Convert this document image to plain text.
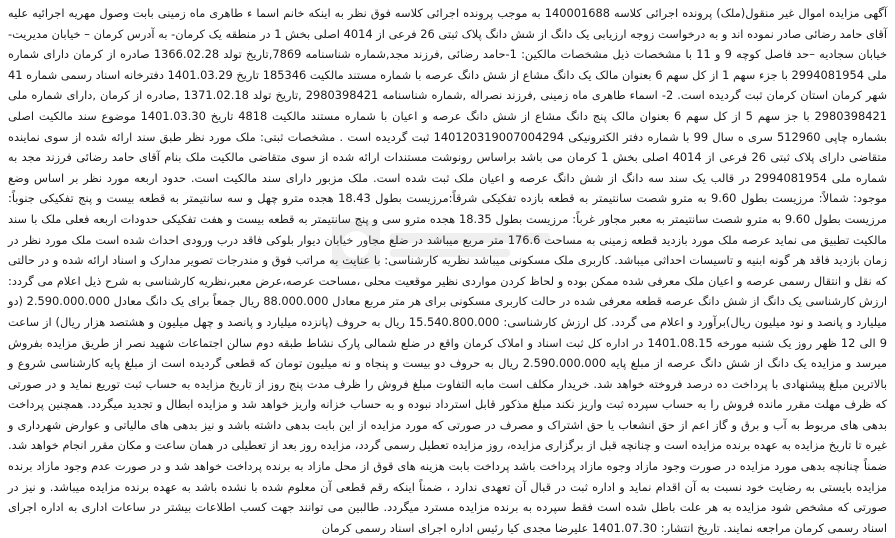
آگهی مزایده اموال غیر منقول(ملک) پرونده اجرائی کلاسه 140001688 به موجب پرونده اجرائی کلاسه فوق نظر به اینکه خانم اسما ء طاهری ماه زمینی بابت وصول مهریه اجرائیه علیه آقای حامد رضائی صادر نموده اند و به درخواست زوجه ارزیابی یک دانگ از شش دانگ پلاک ثبتی 26 فرعی از 4014 اصلی بخش 1 در منطقه یک کرمان- به آدرس کرمان – خیابان مدیریت- خیابان سجادیه –حد فاصل کوچه 9 و 11 با مشخصات ذیل مشخصات مالکین: 1-حامد رضائی ,فرزند مجد,شماره شناسنامه 7869,تاریخ تولد 1366.02.28 صادره از کرمان دارای شماره ملی 2994081954 با جزء سهم 1 از کل سهم 6 بعنوان مالک یک دانگ مشاع از شش دانگ عرصه با شماره مستند مالکیت 185346 تاریخ 1401.03.29 دفترخانه اسناد رسمی شماره 41 شهر کرمان استان کرمان ثبت گردیده است. 2- اسماء طاهری ماه زمینی ,فرزند نصراله ,شماره شناسنامه 2980398421 ,تاریخ تولد 1371.02.18 ,صادره از کرمان ,دارای شماره ملی 2980398421 با جز سهم 5 از کل سهم 6 بعنوان مالک پنج دانگ مشاع از شش دانگ عرصه و اعیان با شماره مستند مالکیت 4818 تاریخ 1401.03.30 موضوع سند مالکیت اصلی بشماره چاپی 512960 سری ه سال 99 با شماره دفتر الکترونیکی 140120319007004294 ثبت گردیده است . مشخصات ثبتی: ملک مورد نظر طبق سند ارائه شده از سوی نماینده متقاضی دارای پلاک ثبتی 26 فرعی از 4014 اصلی بخش 1 کرمان می باشد براساس رونوشت مستندات ارائه شده از سوی متقاضی مالکیت ملک بنام آقای حامد رضائی فرزند مجد به شماره ملی 2994081954 در قالب یک سند سه دانگ از شش دانگ عرصه و اعیان ملک ثبت شده است. ملک مزبور دارای سند مالکیت است. حدود اربعه مورد نظر بر اساس وضع موجود: شمالاً: مرزیست بطول 9.60 به مترو شصت سانتیمتر به قطعه بازده تفکیکی شرقاً:مرزیست بطول 18.43 هجده مترو چهل و سه سانتیمتر به قطعه بیست و پنج تفکیکی جنوباً: مرزیست بطول 9.60 به مترو شصت سانتیمتر به معبر مجاور غرباً: مرزیست بطول 18.35 هجده مترو سی و پنج سانتیمتر به قطعه بیست و هفت تفکیکی حدودات اربعه فعلی ملک با سند مالکیت تطبیق می نماید عرصه ملک مورد بازدید قطعه زمینی به مساحت 176.6 متر مربع میباشد در ضلع مجاور خیابان دیوار بلوکی فاقد درب ورودی احداث شده است ملک مورد نظر در زمان بازدید فاقد هر گونه ابنیه و تاسیسات احداثی میباشد. کاربری ملک مسکونی میباشد نظریه کارشناسی: با عنایت به مراتب فوق و مندرجات تصویر مدارک و اسناد ارائه شده و در حالتی که نقل و انتقال رسمی عرصه و اعیان ملک معرفی شده ممکن بوده و لحاظ کردن مواردی نظیر موقعیت محلی ،مساحت عرصه،عرض معبر،نظریه کارشناسی به شرح ذیل اعلام می گردد: ارزش کارشناسی یک دانگ از شش دانگ عرصه قطعه معرفی شده در حالت کاربری مسکونی برای هر متر مربع معادل 88.000.000 ریال جمعاً برای یک دانگ معادل 2.590.000.000 (دو میلیارد و پانصد و نود میلیون ریال)برآورد و اعلام می گردد. کل ارزش کارشناسی: 15.540.800.000 ریال به حروف (پانزده میلیارد و پانصد و چهل میلیون و هشتصد هزار ریال) از ساعت 9 الی 12 ظهر روز یک شنبه مورخه 1401.08.15 در اداره کل ثبت اسناد و املاک کرمان واقع در ضلع شمالی پارک نشاط طبقه دوم سالن اجتماعات شهید نصر از طریق مزایده بفروش میرسد و مزایده یک دانگ از شش دانگ عرصه از مبلغ پایه 2.590.000.000 ریال به حروف دو بیست و پنجاه و نه میلیون تومان که قطعی گردیده است از مبلغ پایه کارشناسی شروع و بالاترین مبلغ پیشنهادی با پرداخت ده درصد فروخته خواهد شد. خریدار مکلف است مابه التفاوت مبلغ فروش را ظرف مدت پنج روز از تاریخ مزایده به حساب ثبت توریع نماید و در صورتی که ظرف مهلت مقرر مانده فروش را به حساب سپرده ثبت واریز نکند مبلغ مذکور قابل استرداد نبوده و به حساب خزانه واریز خواهد شد و مزایده ابطال و تجدید میگردد. همچنین پرداخت بدهی های مربوط به آب و برق و گاز اعم از حق انشعاب یا حق اشتراک و مصرف در صورتی که مورد مزایده از این بابت بدهی داشته باشد و نیز بدهی های مالیاتی و عوارض شهرداری و غیره تا تاریخ مزایده به عهده برنده مزایده است و چنانچه قبل از برگزاری مزایده، روز مزایده تعطیل رسمی گردد، مزایده روز بعد از تعطیلی در همان ساعت و مکان مقرر انجام خواهد شد. ضمناً چنانچه بدهی مورد مزایده در صورت وجود مازاد وجوه مازاد پرداخت باشد پرداخت بابت هزینه های قوق از محل مازاد به برنده پرداخت خواهد شد و در صورت عدم وجود مازاد برنده مزایده بایستی به رضایت خود نسبت به آن اقدام نماید و اداره ثبت در قبال آن تعهدی ندارد ، ضمناً اینکه رقم قطعی آن معلوم شده با نشده باشد به عهده برنده مزایده میباشد. و نیز در صورتی که مشخص شود مزایده به هر علت باطل شده است فقط سپرده به برنده مزایده مسترد میگردد. طالبین می توانند جهت کسب اطلاعات بیشتر در ساعات اداری به اداره اجرای اسناد رسمی کرمان مراجعه نمایند. تاریخ انتشار: 1401.07.30 علیرضا مجدی کیا رئیس اداره اجرای اسناد رسمی کرمان
